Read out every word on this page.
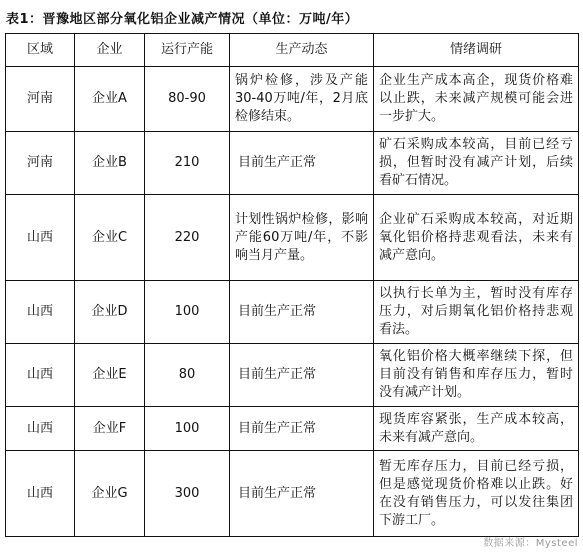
表1：晋豫地区部分氧化铝企业减产情况（单位：万吨/年）
区域	企业	运行产能	生产动态	情绪调研
河南	企业A	80-90	锅炉检修，涉及产能30-40万吨/年，2月底检修结束。	企业生产成本高企，现货价格难以止跌，未来减产规模可能会进一步扩大。
河南	企业B	210	目前生产正常	矿石采购成本较高，目前已经亏损，但暂时没有减产计划，后续看矿石情况。
山西	企业C	220	计划性锅炉检修，影响产能60万吨/年，不影响当月产量。	企业矿石采购成本较高，对近期氧化铝价格持悲观看法，未来有减产意向。
山西	企业D	100	目前生产正常	以执行长单为主，暂时没有库存压力，对后期氧化铝价格持悲观看法。
山西	企业E	80	目前生产正常	氧化铝价格大概率继续下探，但目前没有销售和库存压力，暂时没有减产计划。
山西	企业F	100	目前生产正常	现货库容紧张，生产成本较高，未来有减产意向。
山西	企业G	300	目前生产正常	暂无库存压力，目前已经亏损，但是感觉现货价格难以止跌。好在没有销售压力，可以发往集团下游工厂。
数据来源：Mysteel
